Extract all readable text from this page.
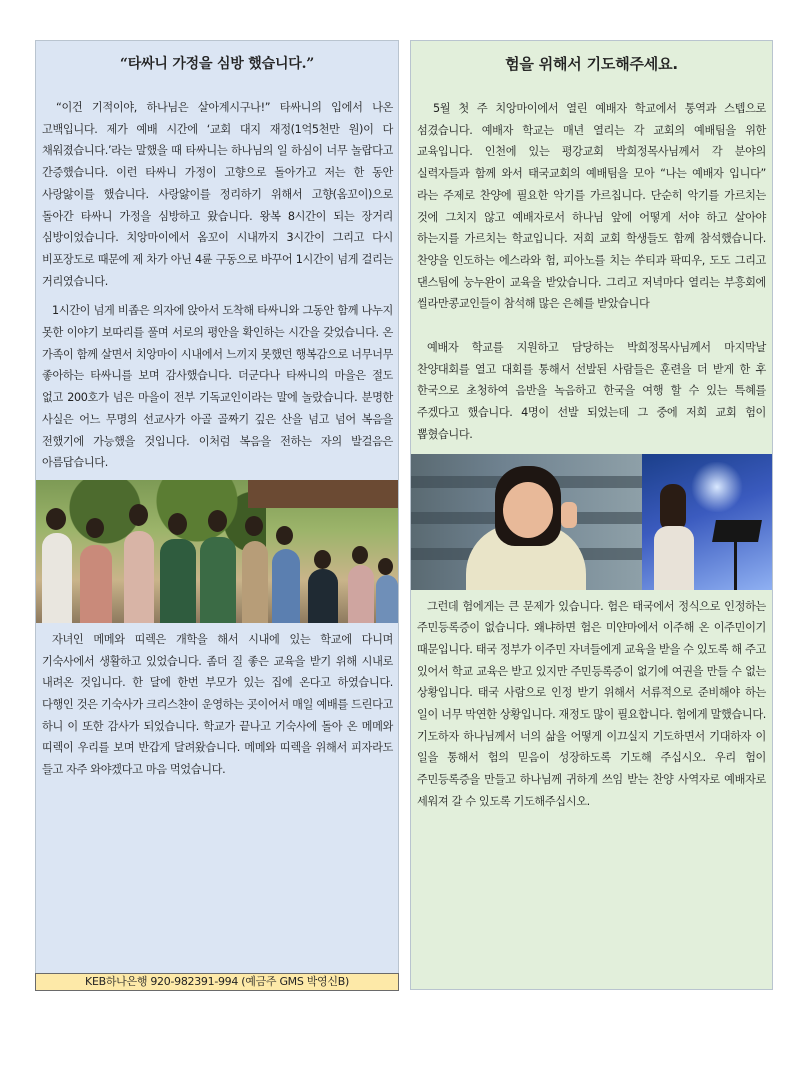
“타싸니 가정을 심방 했습니다.”

“이건 기적이야, 하나님은 살아계시구나!” 타싸니의 입에서 나온 고백입니다. 제가 예배 시간에 ‘교회 대지 재정(1억5천만 원)이 다 채워졌습니다.’라는 말했을 때 타싸니는 하나님의 일 하심이 너무 놀랍다고 간증했습니다. 이런 타싸니 가정이 고향으로 돌아가고 저는 한 동안 사랑앓이를 했습니다. 사랑앓이를 정리하기 위해서 고향(옴꼬이)으로 돌아간 타싸니 가정을 심방하고 왔습니다. 왕복 8시간이 되는 장거리 심방이었습니다. 치앙마이에서 옴꼬이 시내까지 3시간이 그리고 다시 비포장도로 때문에 제 차가 아닌 4륜 구동으로 바꾸어 1시간이 넘게 걸리는 거리였습니다.

1시간이 넘게 비좁은 의자에 앉아서 도착해 타싸니와 그동안 함께 나누지 못한 이야기 보따리를 풀며 서로의 평안을 확인하는 시간을 갖었습니다. 온 가족이 함께 살면서 치앙마이 시내에서 느끼지 못했던 행복감으로 너무너무 좋아하는 타싸니를 보며 감사했습니다. 더군다나 타싸니의 마을은 절도 없고 200호가 넘은 마을이 전부 기독교인이라는 말에 놀랐습니다. 분명한 사실은 어느 무명의 선교사가 아골 골짜기 깊은 산을 넘고 넘어 복음을 전했기에 가능했을 것입니다. 이처럼 복음을 전하는 자의 발걸음은 아름답습니다.

자녀인 메메와 띠렉은 개학을 해서 시내에 있는 학교에 다니며 기숙사에서 생활하고 있었습니다. 좀더 질 좋은 교육을 받기 위해 시내로 내려온 것입니다. 한 달에 한번 부모가 있는 집에 온다고 하였습니다. 다행인 것은 기숙사가 크리스챤이 운영하는 곳이어서 매일 예배를 드린다고 하니 이 또한 감사가 되었습니다. 학교가 끝나고 기숙사에 돌아 온 메메와 띠렉이 우리를 보며 반갑게 달려왔습니다. 메메와 띠렉을 위해서 피자라도 들고 자주 와야겠다고 마음 먹었습니다.

KEB하나은행 920-982391-994 (예금주 GMS 박영신B)
험을 위해서 기도해주세요.

5월 첫 주 치앙마이에서 열린 예배자 학교에서 통역과 스텝으로 섬겼습니다. 예배자 학교는 매년 열리는 각 교회의 예배팀을 위한 교육입니다. 인천에 있는 평강교회 박희정목사님께서 각 분야의 실력자들과 함께 와서 태국교회의 예배팀을 모아 “나는 예배자 입니다” 라는 주제로 찬양에 필요한 악기를 가르칩니다. 단순히 악기를 가르치는 것에 그치지 않고 예배자로서 하나님 앞에 어떻게 서야 하고 살아야 하는지를 가르치는 학교입니다. 저희 교회 학생들도 함께 참석했습니다. 찬양을 인도하는 에스라와 험, 피아노를 치는 쑤티과 팍띠우, 도도 그리고 댄스팀에 눙누완이 교육을 받았습니다. 그리고 저녁마다 열리는 부흥회에 씰라만콩교인들이 참석해 많은 은혜를 받았습니다

예배자 학교를 지원하고 담당하는 박희정목사님께서 마지막날 찬양대회를 열고 대회를 통해서 선발된 사람들은 훈련을 더 받게 한 후 한국으로 초청하여 음반을 녹음하고 한국을 여행 할 수 있는 특혜를 주겠다고 했습니다. 4명이 선발 되었는데 그 중에 저희 교회 험이 뽑혔습니다.

그런데 험에게는 큰 문제가 있습니다. 험은 태국에서 정식으로 인정하는 주민등록증이 없습니다. 왜냐하면 험은 미얀마에서 이주해 온 이주민이기 때문입니다. 태국 정부가 이주민 자녀들에게 교육을 받을 수 있도록 해 주고 있어서 학교 교육은 받고 있지만 주민등록증이 없기에 여권을 만들 수 없는 상황입니다. 태국 사람으로 인정 받기 위해서 서류적으로 준비해야 하는 일이 너무 막연한 상황입니다. 재정도 많이 필요합니다. 험에게 말했습니다. 기도하자 하나님께서 너의 삶을 어떻게 이끄실지 기도하면서 기대하자 이 일을 통해서 험의 믿음이 성장하도록 기도해 주십시오. 우리 험이 주민등록증을 만들고 하나님께 귀하게 쓰임 받는 찬양 사역자로 예배자로 세워져 갈 수 있도록 기도해주십시오.
